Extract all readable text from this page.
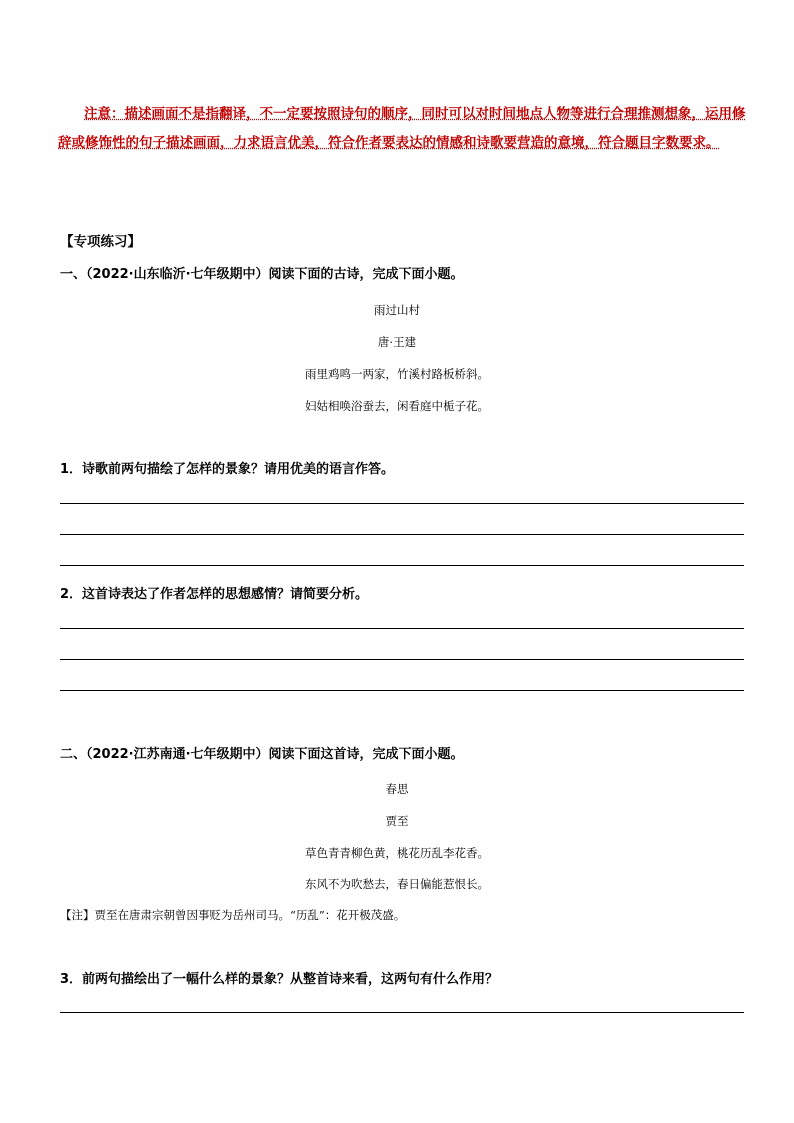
注意：描述画面不是指翻译，不一定要按照诗句的顺序，同时可以对时间地点人物等进行合理推测想象，运用修辞或修饰性的句子描述画面，力求语言优美，符合作者要表达的情感和诗歌要营造的意境，符合题目字数要求。
【专项练习】
一、（2022·山东临沂·七年级期中）阅读下面的古诗，完成下面小题。
雨过山村
唐·王建
雨里鸡鸣一两家，竹溪村路板桥斜。
妇姑相唤浴蚕去，闲看庭中栀子花。
1．诗歌前两句描绘了怎样的景象？请用优美的语言作答。
2．这首诗表达了作者怎样的思想感情？请简要分析。
二、（2022·江苏南通·七年级期中）阅读下面这首诗，完成下面小题。
春思
贾至
草色青青柳色黄，桃花历乱李花香。
东风不为吹愁去，春日偏能惹恨长。
【注】贾至在唐肃宗朝曾因事贬为岳州司马。“历乱”：花开极茂盛。
3．前两句描绘出了一幅什么样的景象？从整首诗来看，这两句有什么作用？
